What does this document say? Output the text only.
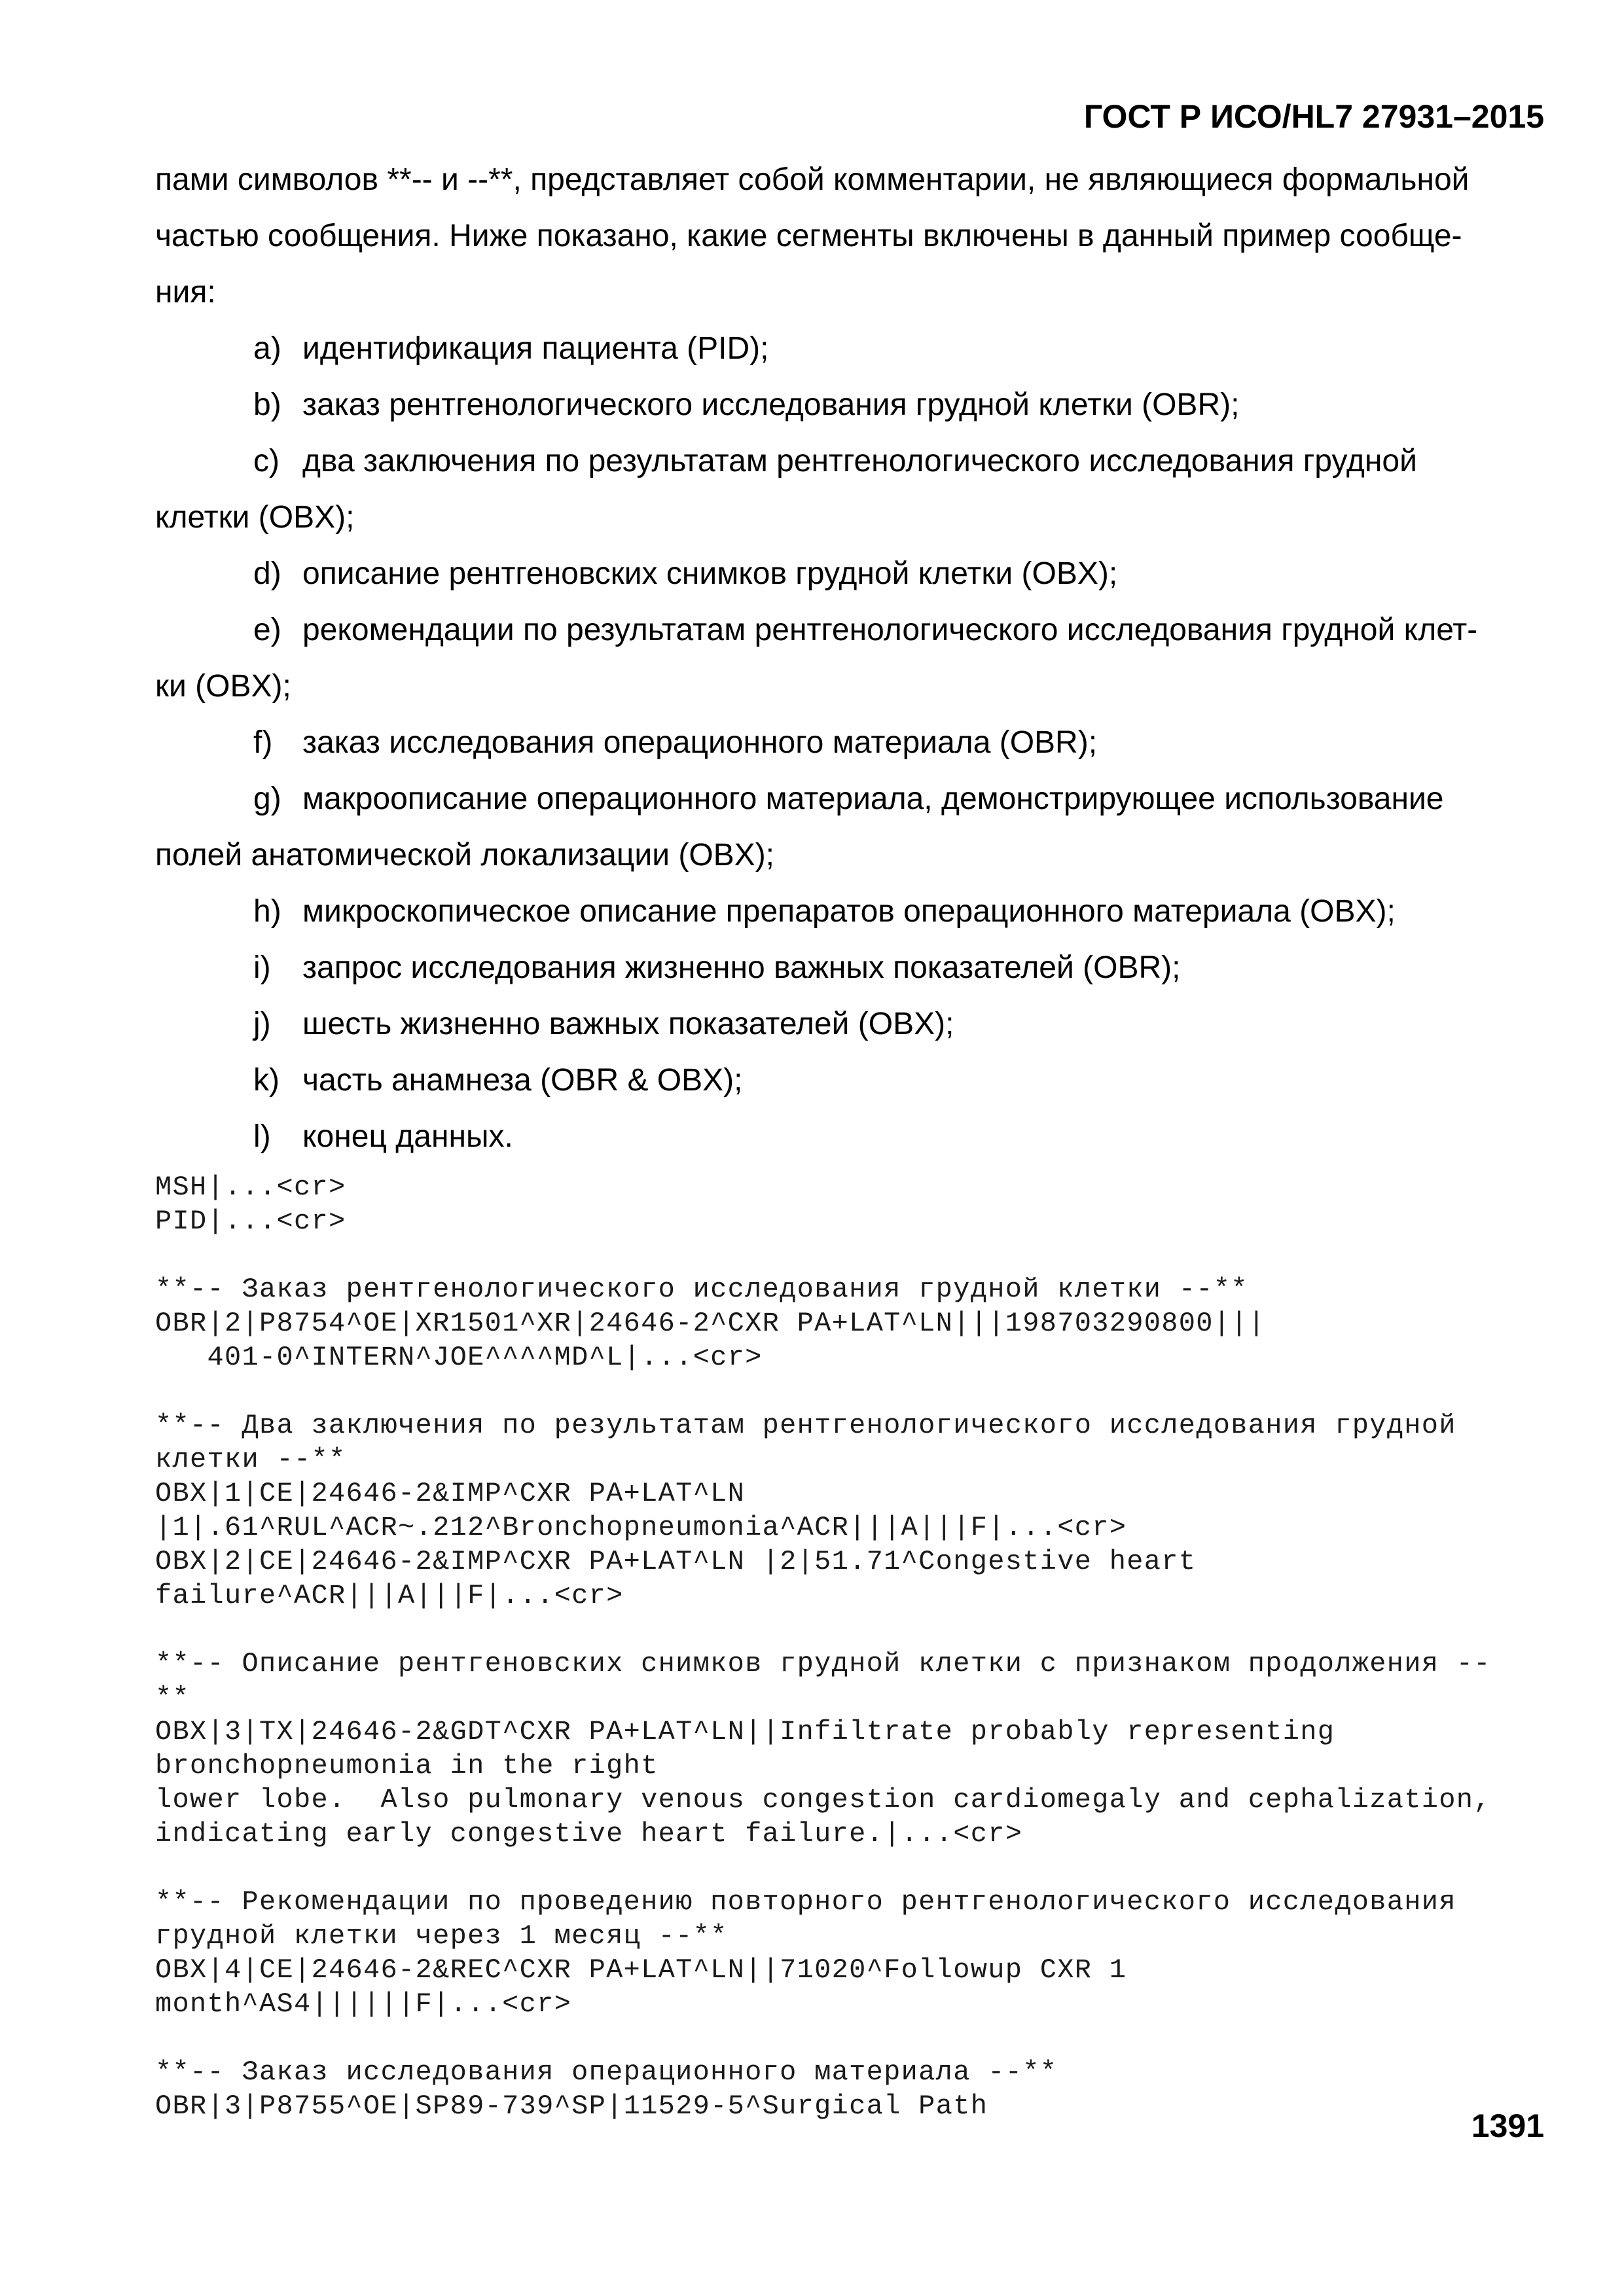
ГОСТ Р ИСО/HL7 27931–2015

пами символов **-- и --**, представляет собой комментарии, не являющиеся формальной

частью сообщения. Ниже показано, какие сегменты включены в данный пример сообще-

ния:

a) идентификация пациента (PID);

b) заказ рентгенологического исследования грудной клетки (OBR);

c) два заключения по результатам рентгенологического исследования грудной

клетки (OBX);

d) описание рентгеновских снимков грудной клетки (OBX);

e) рекомендации по результатам рентгенологического исследования грудной клет-

ки (OBX);

f) заказ исследования операционного материала (OBR);

g) макроописание операционного материала, демонстрирующее использование

полей анатомической локализации (OBX);

h) микроскопическое описание препаратов операционного материала (OBX);

i) запрос исследования жизненно важных показателей (OBR);

j) шесть жизненно важных показателей (OBX);

k) часть анамнеза (OBR & OBX);

l) конец данных.

MSH|...<cr>
PID|...<cr>
**-- Заказ рентгенологического исследования грудной клетки --**
OBR|2|P8754^OE|XR1501^XR|24646-2^CXR PA+LAT^LN|||198703290800|||
401-0^INTERN^JOE^^^^MD^L|...<cr>
**-- Два заключения по результатам рентгенологического исследования грудной
клетки --**
OBX|1|CE|24646-2&IMP^CXR PA+LAT^LN
|1|.61^RUL^ACR~.212^Bronchopneumonia^ACR|||A|||F|...<cr>
OBX|2|CE|24646-2&IMP^CXR PA+LAT^LN |2|51.71^Congestive heart
failure^ACR|||A|||F|...<cr>
**-- Описание рентгеновских снимков грудной клетки с признаком продолжения --
**
OBX|3|TX|24646-2&GDT^CXR PA+LAT^LN||Infiltrate probably representing
bronchopneumonia in the right
lower lobe.  Also pulmonary venous congestion cardiomegaly and cephalization,
indicating early congestive heart failure.|...<cr>
**-- Рекомендации по проведению повторного рентгенологического исследования
грудной клетки через 1 месяц --**
OBX|4|CE|24646-2&REC^CXR PA+LAT^LN||71020^Followup CXR 1
month^AS4||||||F|...<cr>
**-- Заказ исследования операционного материала --**
OBR|3|P8755^OE|SP89-739^SP|11529-5^Surgical Path
1391
